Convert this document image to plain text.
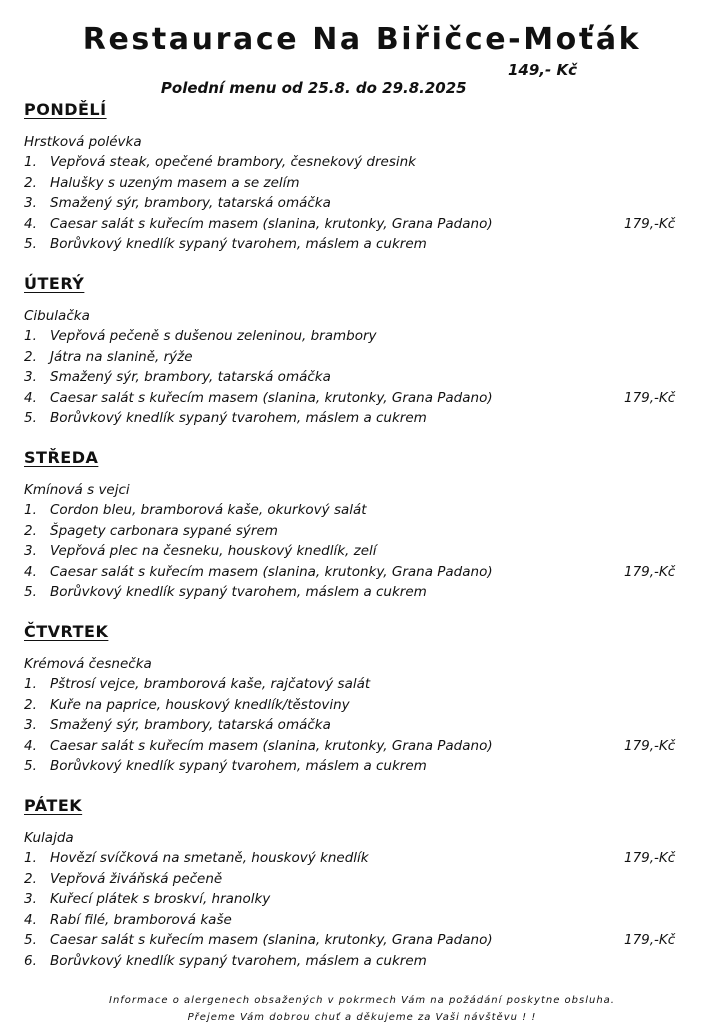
Restaurace Na Biřičce-Moťák

Polední menu od 25.8. do 29.8.2025

149,- Kč

PONDĚLÍ
Hrstková polévka
1. Vepřová steak, opečené brambory, česnekový dresink
2. Halušky s uzeným masem a se zelím
3. Smažený sýr, brambory, tatarská omáčka
4. Caesar salát s kuřecím masem (slanina, krutonky, Grana Padano)	179,-Kč
5. Borůvkový knedlík sypaný tvarohem, máslem a cukrem
ÚTERÝ
Cibulačka
1. Vepřová pečeně s dušenou zeleninou, brambory
2. Játra na slanině, rýže
3. Smažený sýr, brambory, tatarská omáčka
4. Caesar salát s kuřecím masem (slanina, krutonky, Grana Padano)	179,-Kč
5. Borůvkový knedlík sypaný tvarohem, máslem a cukrem
STŘEDA
Kmínová s vejci
1. Cordon bleu, bramborová kaše, okurkový salát
2. Špagety carbonara sypané sýrem
3. Vepřová plec na česneku, houskový knedlík, zelí
4. Caesar salát s kuřecím masem (slanina, krutonky, Grana Padano)	179,-Kč
5. Borůvkový knedlík sypaný tvarohem, máslem a cukrem
ČTVRTEK
Krémová česnečka
1. Pštrosí vejce, bramborová kaše, rajčatový salát
2. Kuře na paprice, houskový knedlík/těstoviny
3. Smažený sýr, brambory, tatarská omáčka
4. Caesar salát s kuřecím masem (slanina, krutonky, Grana Padano)	179,-Kč
5. Borůvkový knedlík sypaný tvarohem, máslem a cukrem
PÁTEK
Kulajda
1. Hovězí svíčková na smetaně, houskový knedlík	179,-Kč
2. Vepřová živáňská pečeně
3. Kuřecí plátek s broskví, hranolky
4. Rabí filé, bramborová kaše
5. Caesar salát s kuřecím masem (slanina, krutonky, Grana Padano)	179,-Kč
6. Borůvkový knedlík sypaný tvarohem, máslem a cukrem
Informace o alergenech obsažených v pokrmech Vám na požádání poskytne obsluha.
Přejeme Vám dobrou chuť a děkujeme za Vaši návštěvu ! !
